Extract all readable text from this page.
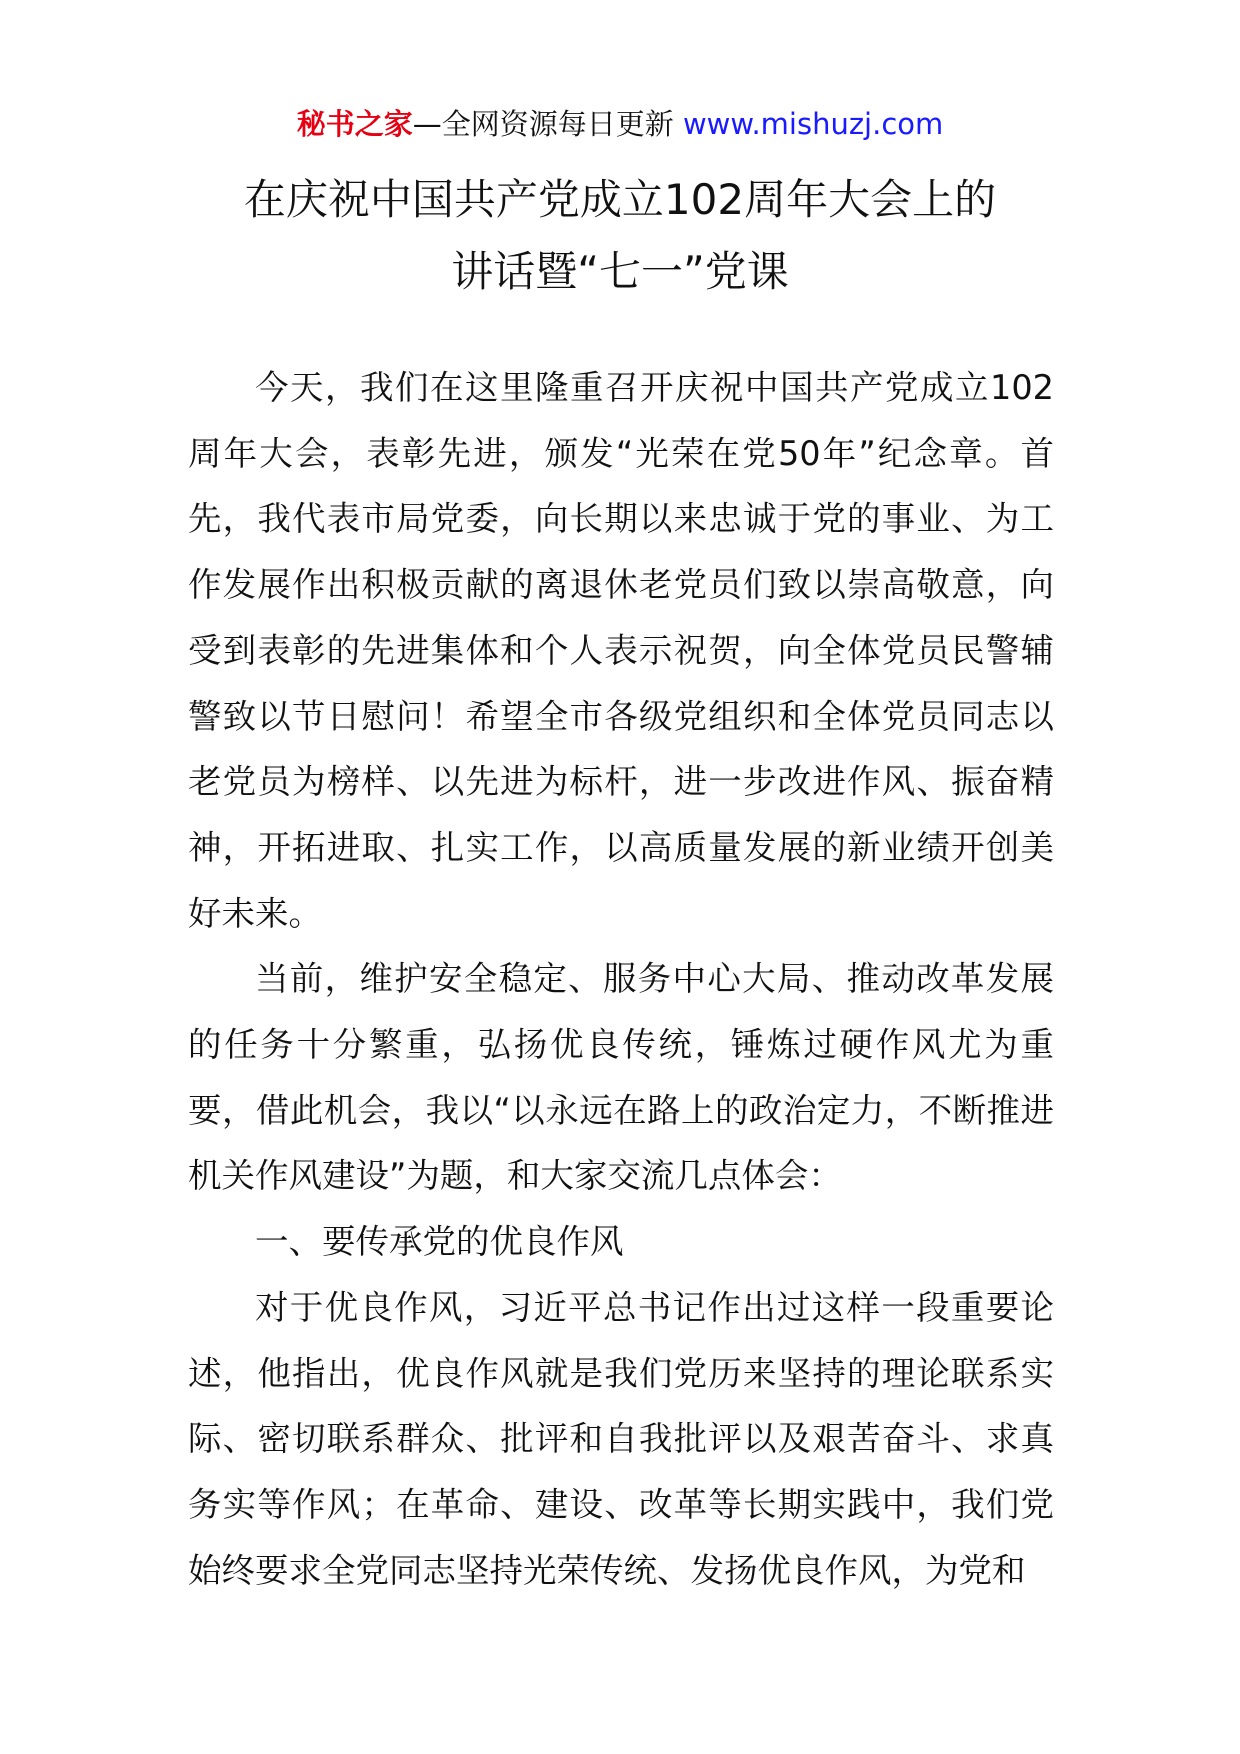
秘书之家—全网资源每日更新 www.mishuzj.com
在庆祝中国共产党成立102周年大会上的
讲话暨“七一”党课

今天，我们在这里隆重召开庆祝中国共产党成立102周年大会，表彰先进，颁发“光荣在党50年”纪念章。首先，我代表市局党委，向长期以来忠诚于党的事业、为工作发展作出积极贡献的离退休老党员们致以崇高敬意，向受到表彰的先进集体和个人表示祝贺，向全体党员民警辅警致以节日慰问！希望全市各级党组织和全体党员同志以老党员为榜样、以先进为标杆，进一步改进作风、振奋精神，开拓进取、扎实工作，以高质量发展的新业绩开创美好未来。

当前，维护安全稳定、服务中心大局、推动改革发展的任务十分繁重，弘扬优良传统，锤炼过硬作风尤为重要，借此机会，我以“以永远在路上的政治定力，不断推进机关作风建设”为题，和大家交流几点体会：

一、要传承党的优良作风

对于优良作风，习近平总书记作出过这样一段重要论述，他指出，优良作风就是我们党历来坚持的理论联系实际、密切联系群众、批评和自我批评以及艰苦奋斗、求真务实等作风；在革命、建设、改革等长期实践中，我们党始终要求全党同志坚持光荣传统、发扬优良作风，为党和
